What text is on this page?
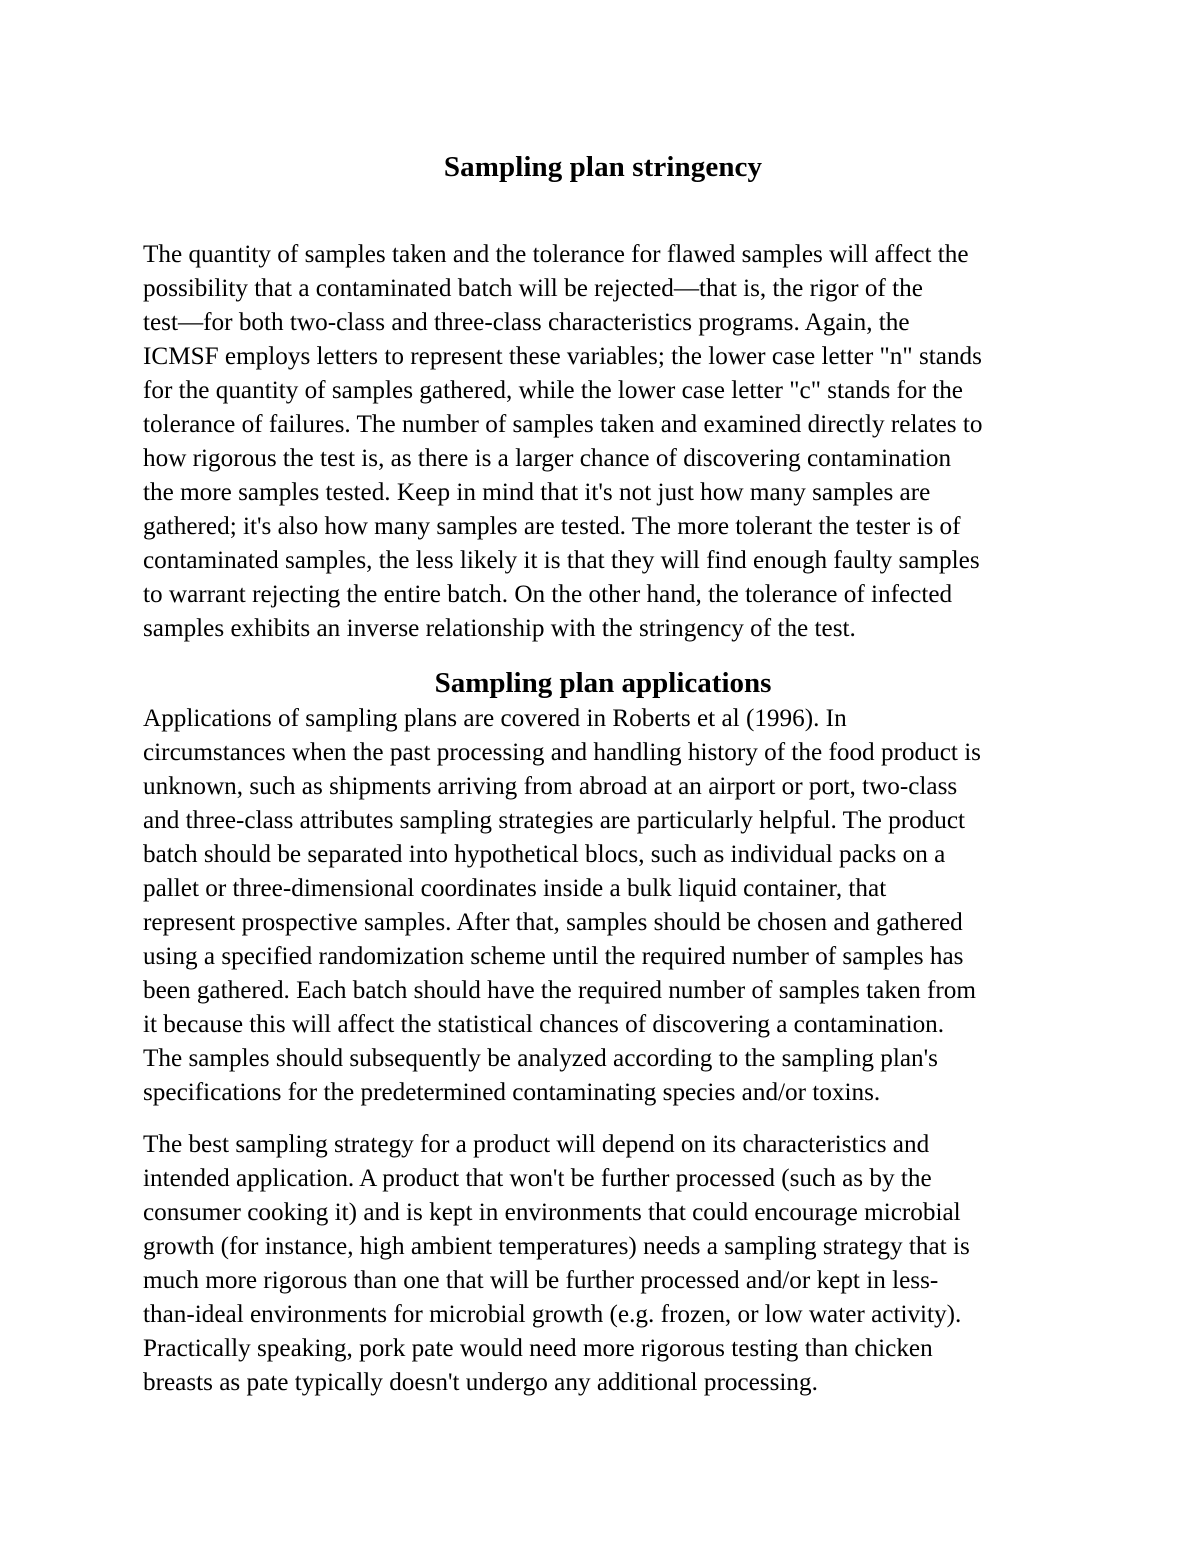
Sampling plan stringency

The quantity of samples taken and the tolerance for flawed samples will affect the
possibility that a contaminated batch will be rejected—that is, the rigor of the
test—for both two-class and three-class characteristics programs. Again, the
ICMSF employs letters to represent these variables; the lower case letter "n" stands
for the quantity of samples gathered, while the lower case letter "c" stands for the
tolerance of failures. The number of samples taken and examined directly relates to
how rigorous the test is, as there is a larger chance of discovering contamination
the more samples tested. Keep in mind that it's not just how many samples are
gathered; it's also how many samples are tested. The more tolerant the tester is of
contaminated samples, the less likely it is that they will find enough faulty samples
to warrant rejecting the entire batch. On the other hand, the tolerance of infected
samples exhibits an inverse relationship with the stringency of the test.

Sampling plan applications

Applications of sampling plans are covered in Roberts et al (1996). In
circumstances when the past processing and handling history of the food product is
unknown, such as shipments arriving from abroad at an airport or port, two-class
and three-class attributes sampling strategies are particularly helpful. The product
batch should be separated into hypothetical blocs, such as individual packs on a
pallet or three-dimensional coordinates inside a bulk liquid container, that
represent prospective samples. After that, samples should be chosen and gathered
using a specified randomization scheme until the required number of samples has
been gathered. Each batch should have the required number of samples taken from
it because this will affect the statistical chances of discovering a contamination.
The samples should subsequently be analyzed according to the sampling plan's
specifications for the predetermined contaminating species and/or toxins.

The best sampling strategy for a product will depend on its characteristics and
intended application. A product that won't be further processed (such as by the
consumer cooking it) and is kept in environments that could encourage microbial
growth (for instance, high ambient temperatures) needs a sampling strategy that is
much more rigorous than one that will be further processed and/or kept in less-
than-ideal environments for microbial growth (e.g. frozen, or low water activity).
Practically speaking, pork pate would need more rigorous testing than chicken
breasts as pate typically doesn't undergo any additional processing.
